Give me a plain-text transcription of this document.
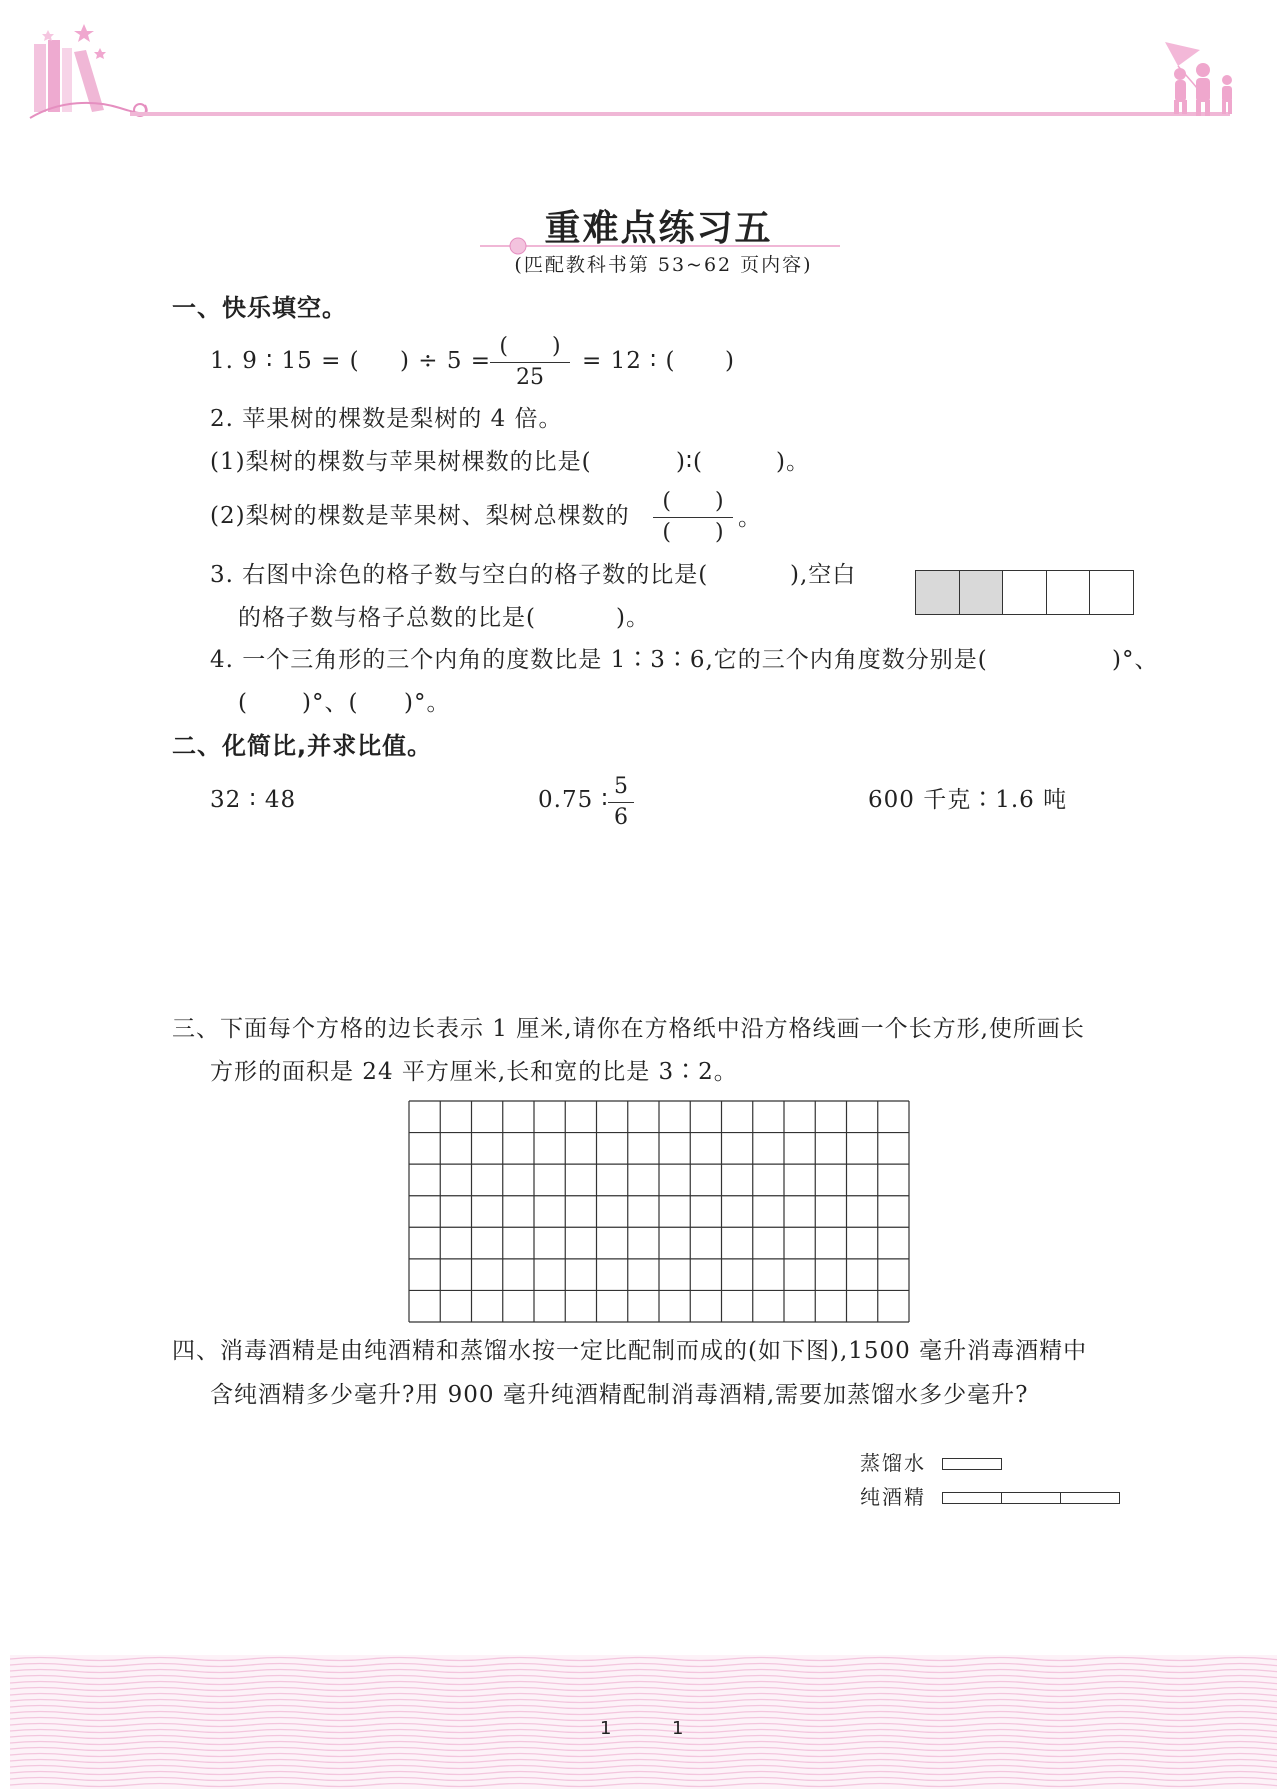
重难点练习五
(匹配教科书第 53~62 页内容)
一、快乐填空。
1. 9 ∶ 15 = ( ) ÷ 5 =
(　　)
25
= 12 ∶ ( )
2. 苹果树的棵数是梨树的 4 倍。
(1)梨树的棵数与苹果树棵数的比是(	)∶(	)。
(2)梨树的棵数是苹果树、梨树总棵数的
(　　)
(　　)
。
3. 右图中涂色的格子数与空白的格子数的比是(	),空白
的格子数与格子总数的比是(	)。
4. 一个三角形的三个内角的度数比是 1∶3∶6,它的三个内角度数分别是(	)°、
( )°、( )°。
二、化简比,并求比值。
32 ∶ 48	0.75 ∶
5
6
600 千克∶1.6 吨
三、下面每个方格的边长表示 1 厘米,请你在方格纸中沿方格线画一个长方形,使所画长
方形的面积是 24 平方厘米,长和宽的比是 3∶2。
四、消毒酒精是由纯酒精和蒸馏水按一定比配制而成的(如下图),1500 毫升消毒酒精中
含纯酒精多少毫升?用 900 毫升纯酒精配制消毒酒精,需要加蒸馏水多少毫升?
蒸馏水
纯酒精
1	1
